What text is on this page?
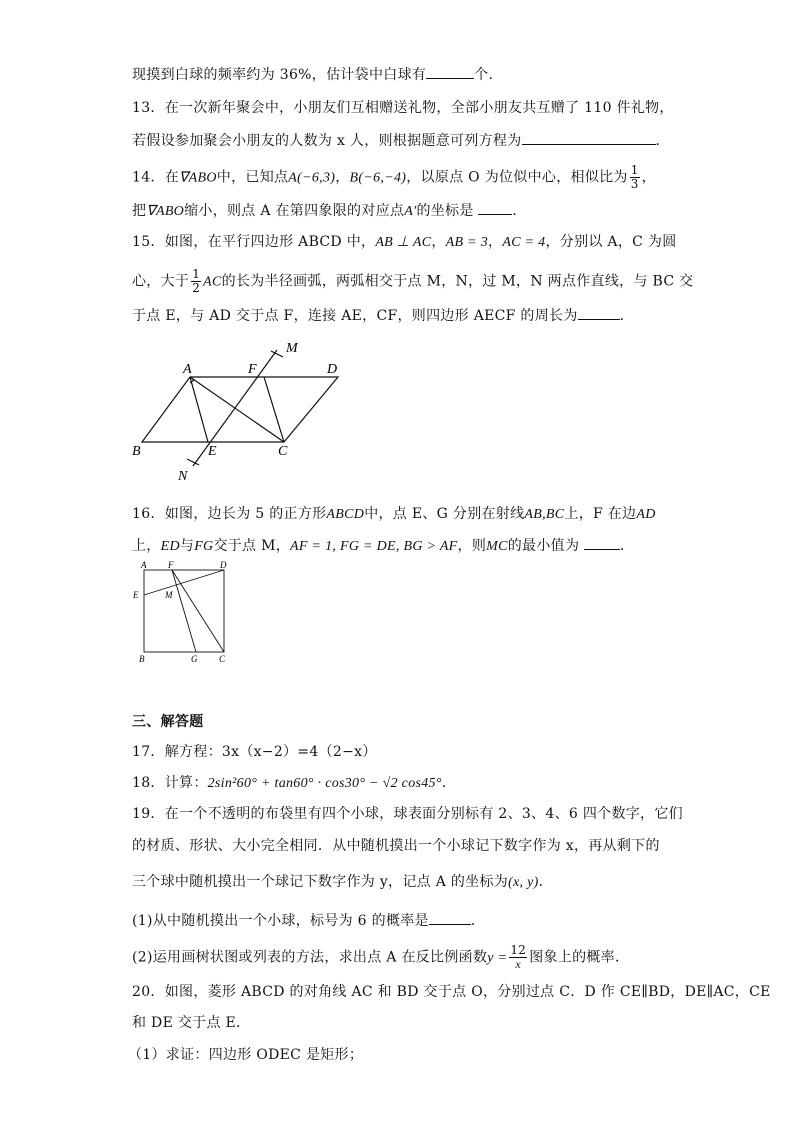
现摸到白球的频率约为 36%，估计袋中白球有	个．
13．在一次新年聚会中，小朋友们互相赠送礼物，全部小朋友共互赠了 110 件礼物，
若假设参加聚会小朋友的人数为 x 人，则根据题意可列方程为	．
14．在∇ABO中，已知点A(−6,3)，B(−6,−4)，以原点 O 为位似中心，相似比为 $\frac{1}{3}$ ，
把∇ABO缩小，则点 A 在第四象限的对应点A′的坐标是	．
15．如图，在平行四边形 ABCD 中，AB ⊥ AC，AB = 3，AC = 4，分别以 A，C 为圆
心，大于 $\frac{1}{2}$ AC的长为半径画弧，两弧相交于点 M，N，过 M，N 两点作直线，与 BC 交
于点 E，与 AD 交于点 F，连接 AE，CF，则四边形 AECF 的周长为	．
A	F
M
D
B	E	C
N
16．如图，边长为 5 的正方形ABCD中，点 E、G 分别在射线AB,BC上，F 在边AD
上，ED与FG交于点 M，AF = 1, FG = DE, BG > AF，则MC的最小值为	．
A F	D
E	M
B	G C
三、解答题
17．解方程：3x（x−2）=4（2−x）
18．计算：2sin²60° + tan60° · cos30° − √2 cos45°．
19．在一个不透明的布袋里有四个小球，球表面分别标有 2、3、4、6 四个数字，它们
的材质、形状、大小完全相同．从中随机摸出一个小球记下数字作为 x，再从剩下的
三个球中随机摸出一个球记下数字作为 y，记点 A 的坐标为(x, y)．
(1)从中随机摸出一个小球，标号为 6 的概率是	．
(2)运用画树状图或列表的方法，求出点 A 在反比例函数$y = \frac{12}{x}$ 图象上的概率．
20．如图，菱形 ABCD 的对角线 AC 和 BD 交于点 O，分别过点 C．D 作 CE∥BD，DE∥AC，CE
和 DE 交于点 E．
（1）求证：四边形 ODEC 是矩形；
